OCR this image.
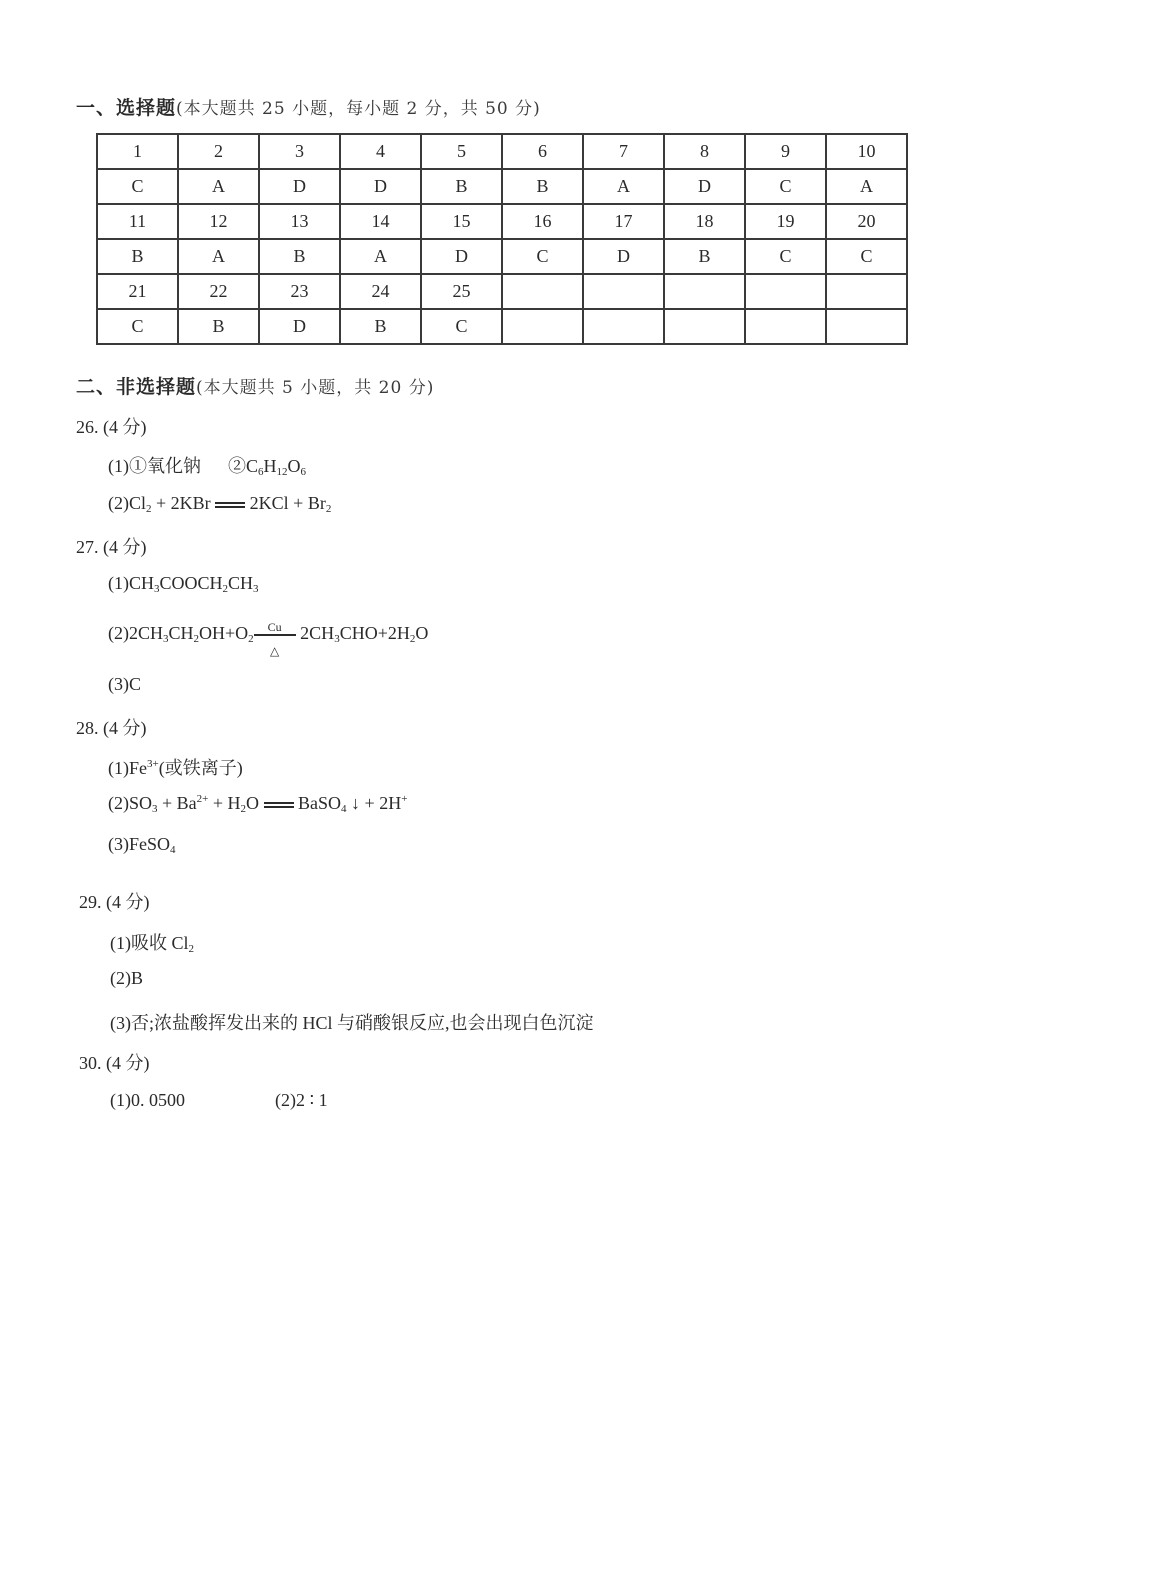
一、选择题(本大题共 25 小题，每小题 2 分，共 50 分)
1	2	3	4	5	6	7	8	9	10
C	A	D	D	B	B	A	D	C	A
11	12	13	14	15	16	17	18	19	20
B	A	B	A	D	C	D	B	C	C
21	22	23	24	25					
C	B	D	B	C					
二、非选择题(本大题共 5 小题，共 20 分)
26. (4 分)
(1)①氧化钠 $②C_6H_{12}O_6$
$(2)Cl_2 + 2KBr$ $2KCl + Br_2$
27. (4 分)
$(1)CH_3COOCH_2CH_3$
$(2)2CH_3CH_2OH+O_2$
Cu
△
$2CH_3CHO+2H_2O$
(3)C
28. (4 分)
$(1)Fe^{3+}$(或铁离子)
$(2)SO_3 + Ba^{2+} + H_2O$ BaSO$_4$ ↓ + 2H+
(3)FeSO$_4$
29. (4 分)
(1)吸收 $Cl_2$
(2)B
(3)否;浓盐酸挥发出来的 HCl 与硝酸银反应,也会出现白色沉淀
30. (4 分)
(1)0. 0500	(2)2 ∶ 1
